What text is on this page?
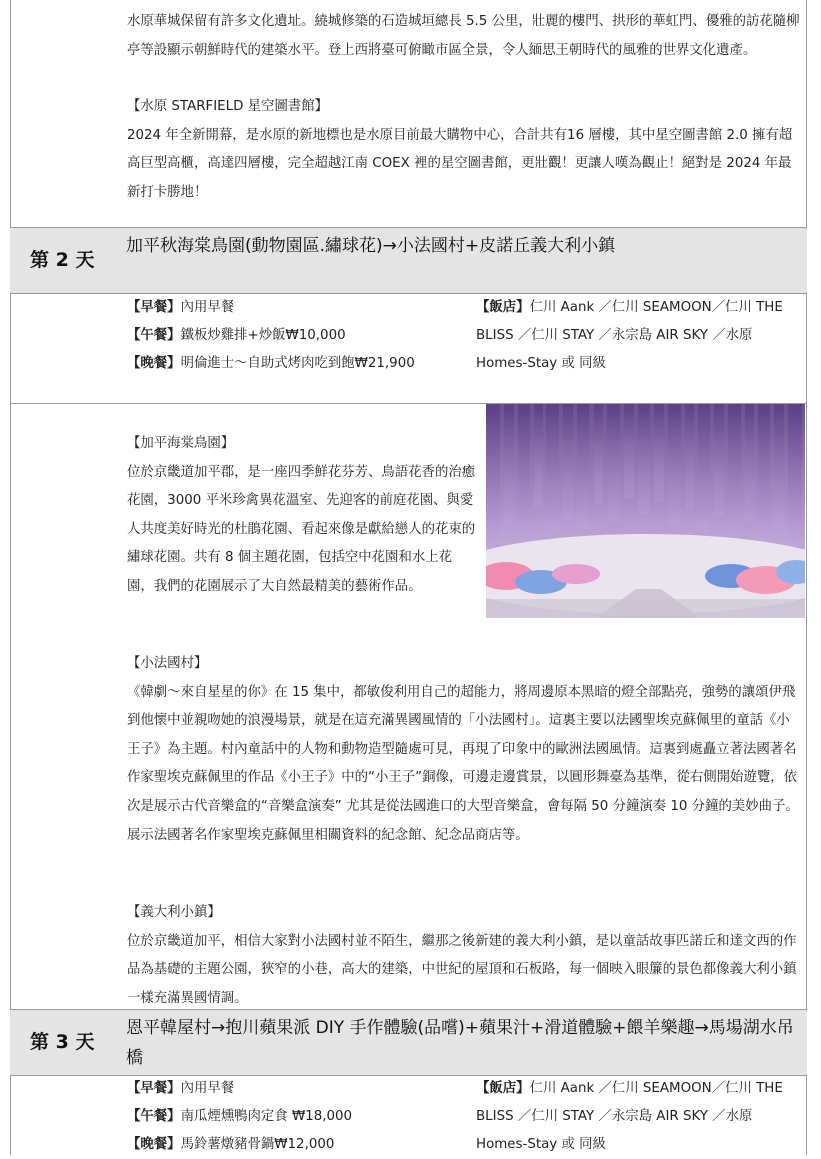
水原華城保留有許多文化遺址。繞城修築的石造城垣總長 5.5 公里，壯麗的樓門、拱形的華虹門、優雅的訪花隨柳亭等設顯示朝鮮時代的建築水平。登上西將臺可俯瞰市區全景，令人緬思王朝時代的風雅的世界文化遺產。

【水原 STARFIELD 星空圖書館】

2024 年全新開幕，是水原的新地標也是水原目前最大購物中心，合計共有16 層樓，其中星空圖書館 2.0 擁有超高巨型高櫃，高達四層樓，完全超越江南 COEX 裡的星空圖書館，更壯觀！更讓人嘆為觀止！絕對是 2024 年最新打卡勝地！

第 2 天
加平秋海棠鳥園(動物園區.繡球花)→小法國村+皮諾丘義大利小鎮
【早餐】內用早餐
【午餐】鐵板炒雞排+炒飯₩10,000
【晚餐】明倫進士～自助式烤肉吃到飽₩21,900
【飯店】仁川 Aank ／仁川 SEAMOON／仁川 THE BLISS ／仁川 STAY ／永宗島 AIR SKY ／水原 Homes-Stay 或 同級

【加平海棠鳥園】

位於京畿道加平郡，是一座四季鮮花芬芳、鳥語花香的治癒花園，3000 平米珍禽異花溫室、先迎客的前庭花園、與愛人共度美好時光的杜鵑花園、看起來像是獻給戀人的花束的繡球花園。共有 8 個主題花園，包括空中花園和水上花園，我們的花園展示了大自然最精美的藝術作品。

【小法國村】

《韓劇～來自星星的你》在 15 集中，都敏俊利用自己的超能力，將周邊原本黑暗的燈全部點亮，強勢的讓頌伊飛到他懷中並親吻她的浪漫場景，就是在這充滿異國風情的「小法國村」。這裏主要以法國聖埃克蘇佩里的童話《小王子》為主題。村內童話中的人物和動物造型隨處可見，再現了印象中的歐洲法國風情。這裏到處矗立著法國著名作家聖埃克蘇佩里的作品《小王子》中的“小王子”銅像，可邊走邊賞景，以圓形舞臺為基準，從右側開始遊覽，依次是展示古代音樂盒的“音樂盒演奏” 尤其是從法國進口的大型音樂盒，會每隔 50 分鐘演奏 10 分鐘的美妙曲子。展示法國著名作家聖埃克蘇佩里相關資料的紀念館、紀念品商店等。

【義大利小鎮】

位於京畿道加平，相信大家對小法國村並不陌生，繼那之後新建的義大利小鎮，是以童話故事匹諾丘和達文西的作品為基礎的主題公園，狹窄的小巷，高大的建築，中世紀的屋頂和石板路，每一個映入眼簾的景色都像義大利小鎮一樣充滿異國情調。

第 3 天
恩平韓屋村→抱川蘋果派 DIY 手作體驗(品嚐)+蘋果汁+滑道體驗+餵羊樂趣→馬場湖水吊橋
【早餐】內用早餐
【午餐】南瓜煙燻鴨肉定食 ₩18,000
【晚餐】馬鈴薯燉豬骨鍋₩12,000
【飯店】仁川 Aank ／仁川 SEAMOON／仁川 THE BLISS ／仁川 STAY ／永宗島 AIR SKY ／水原 Homes-Stay 或 同級
